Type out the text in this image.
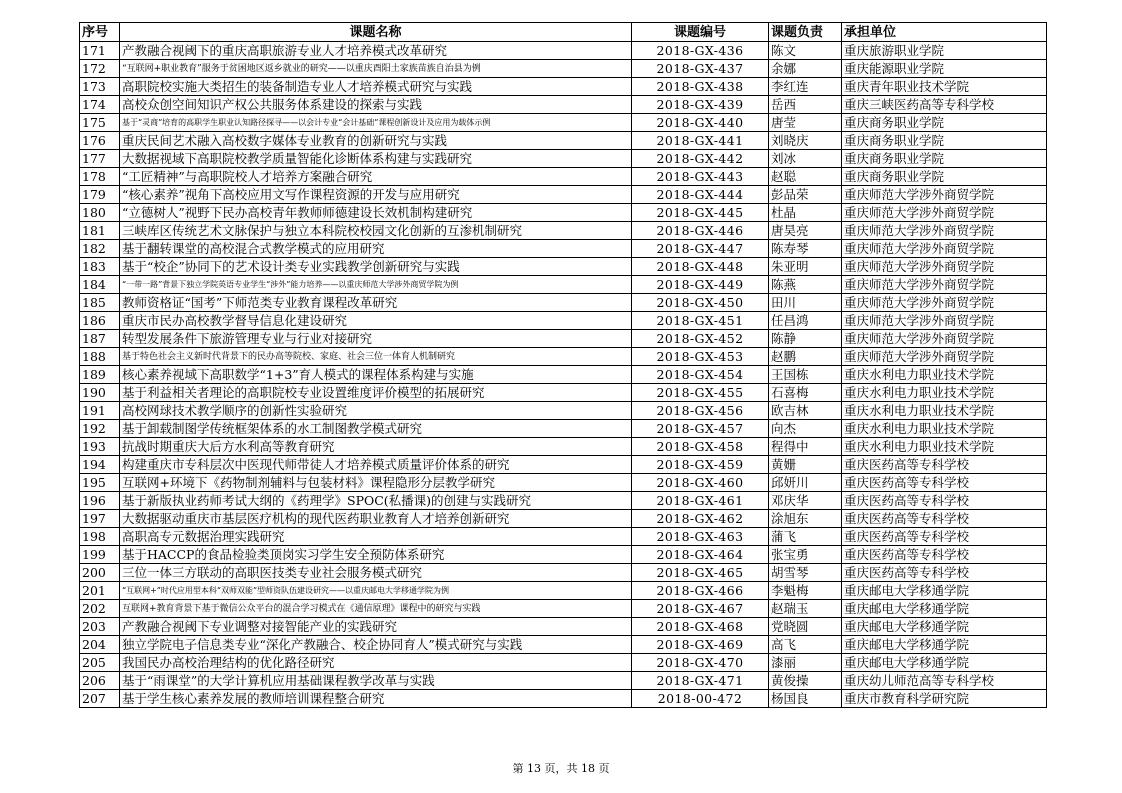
序号	课题名称	课题编号	课题负责	承担单位
171	产教融合视阈下的重庆高职旅游专业人才培养模式改革研究	2018-GX-436	陈文	重庆旅游职业学院
172	“互联网+职业教育”服务于贫困地区返乡就业的研究——以重庆酉阳土家族苗族自治县为例	2018-GX-437	余娜	重庆能源职业学院
173	高职院校实施大类招生的装备制造专业人才培养模式研究与实践	2018-GX-438	李红连	重庆青年职业技术学院
174	高校众创空间知识产权公共服务体系建设的探索与实践	2018-GX-439	岳西	重庆三峡医药高等专科学校
175	基于“灵商”培育的高职学生职业认知路径探寻——以会计专业“会计基础”课程创新设计及应用为载体示例	2018-GX-440	唐莹	重庆商务职业学院
176	重庆民间艺术融入高校数字媒体专业教育的创新研究与实践	2018-GX-441	刘晓庆	重庆商务职业学院
177	大数据视域下高职院校教学质量智能化诊断体系构建与实践研究	2018-GX-442	刘冰	重庆商务职业学院
178	“工匠精神”与高职院校人才培养方案融合研究	2018-GX-443	赵聪	重庆商务职业学院
179	“核心素养”视角下高校应用文写作课程资源的开发与应用研究	2018-GX-444	彭品荣	重庆师范大学涉外商贸学院
180	“立德树人”视野下民办高校青年教师师德建设长效机制构建研究	2018-GX-445	杜晶	重庆师范大学涉外商贸学院
181	三峡库区传统艺术文脉保护与独立本科院校校园文化创新的互渗机制研究	2018-GX-446	唐昊亮	重庆师范大学涉外商贸学院
182	基于翻转课堂的高校混合式教学模式的应用研究	2018-GX-447	陈寿琴	重庆师范大学涉外商贸学院
183	基于“校企”协同下的艺术设计类专业实践教学创新研究与实践	2018-GX-448	朱亚明	重庆师范大学涉外商贸学院
184	“一带一路”背景下独立学院英语专业学生“涉外”能力培养——以重庆师范大学涉外商贸学院为例	2018-GX-449	陈燕	重庆师范大学涉外商贸学院
185	教师资格证“国考”下师范类专业教育课程改革研究	2018-GX-450	田川	重庆师范大学涉外商贸学院
186	重庆市民办高校教学督导信息化建设研究	2018-GX-451	任昌鸿	重庆师范大学涉外商贸学院
187	转型发展条件下旅游管理专业与行业对接研究	2018-GX-452	陈静	重庆师范大学涉外商贸学院
188	基于特色社会主义新时代背景下的民办高等院校、家庭、社会三位一体育人机制研究	2018-GX-453	赵鹏	重庆师范大学涉外商贸学院
189	核心素养视域下高职数学“1+3”育人模式的课程体系构建与实施	2018-GX-454	王国栋	重庆水利电力职业技术学院
190	基于利益相关者理论的高职院校专业设置维度评价模型的拓展研究	2018-GX-455	石喜梅	重庆水利电力职业技术学院
191	高校网球技术教学顺序的创新性实验研究	2018-GX-456	欧吉林	重庆水利电力职业技术学院
192	基于卸载制图学传统框架体系的水工制图教学模式研究	2018-GX-457	向杰	重庆水利电力职业技术学院
193	抗战时期重庆大后方水利高等教育研究	2018-GX-458	程得中	重庆水利电力职业技术学院
194	构建重庆市专科层次中医现代师带徒人才培养模式质量评价体系的研究	2018-GX-459	黄姗	重庆医药高等专科学校
195	互联网+环境下《药物制剂辅料与包装材料》课程隐形分层教学研究	2018-GX-460	邱妍川	重庆医药高等专科学校
196	基于新版执业药师考试大纲的《药理学》SPOC(私播课)的创建与实践研究	2018-GX-461	邓庆华	重庆医药高等专科学校
197	大数据驱动重庆市基层医疗机构的现代医药职业教育人才培养创新研究	2018-GX-462	涂旭东	重庆医药高等专科学校
198	高职高专元数据治理实践研究	2018-GX-463	蒲飞	重庆医药高等专科学校
199	基于HACCP的食品检验类顶岗实习学生安全预防体系研究	2018-GX-464	张宝勇	重庆医药高等专科学校
200	三位一体三方联动的高职医技类专业社会服务模式研究	2018-GX-465	胡雪琴	重庆医药高等专科学校
201	“互联网+”时代应用型本科“双师双能”型师资队伍建设研究——以重庆邮电大学移通学院为例	2018-GX-466	李魁梅	重庆邮电大学移通学院
202	互联网+教育背景下基于微信公众平台的混合学习模式在《通信原理》课程中的研究与实践	2018-GX-467	赵瑞玉	重庆邮电大学移通学院
203	产教融合视阈下专业调整对接智能产业的实践研究	2018-GX-468	党晓圆	重庆邮电大学移通学院
204	独立学院电子信息类专业“深化产教融合、校企协同育人”模式研究与实践	2018-GX-469	高飞	重庆邮电大学移通学院
205	我国民办高校治理结构的优化路径研究	2018-GX-470	漆丽	重庆邮电大学移通学院
206	基于“雨课堂”的大学计算机应用基础课程教学改革与实践	2018-GX-471	黄俊操	重庆幼儿师范高等专科学校
207	基于学生核心素养发展的教师培训课程整合研究	2018-00-472	杨国良	重庆市教育科学研究院
第 13 页，共 18 页
